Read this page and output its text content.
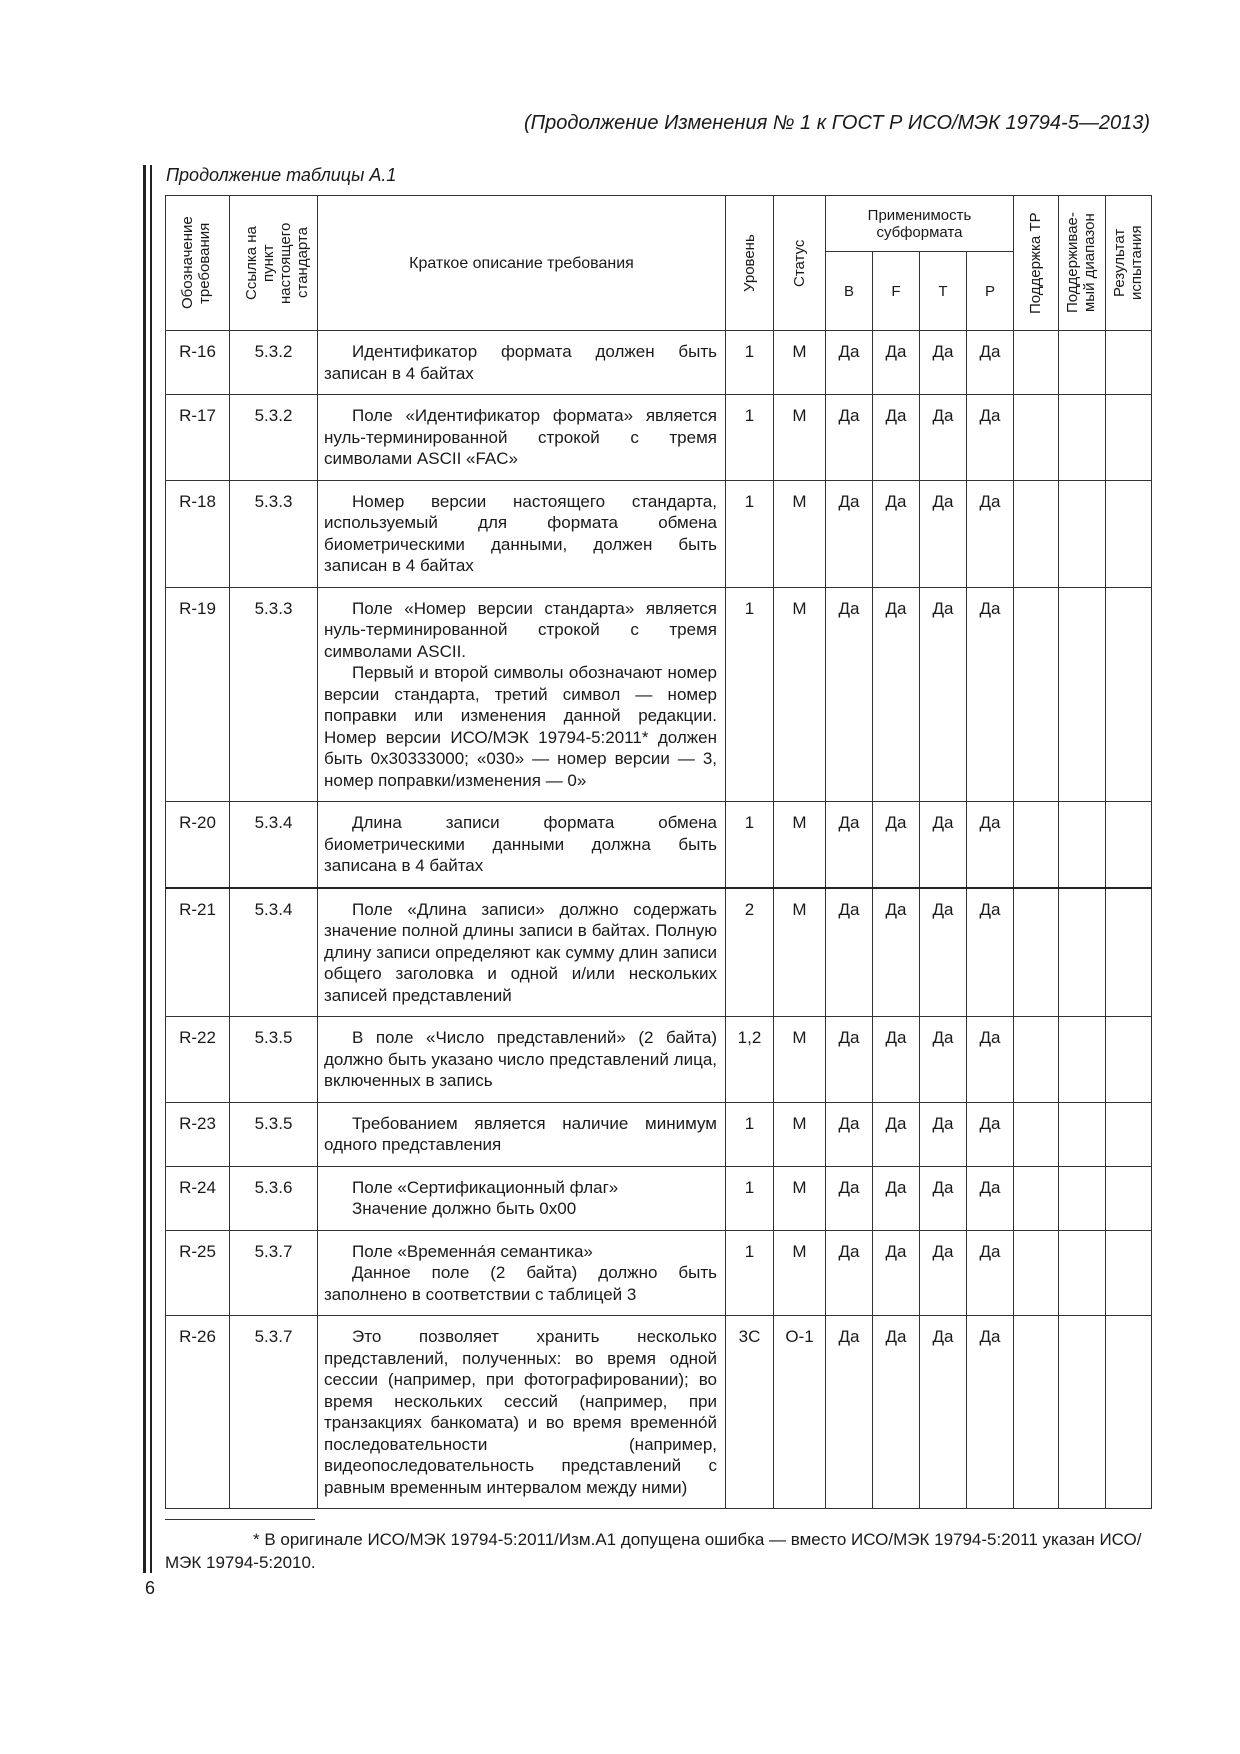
(Продолжение Изменения № 1 к ГОСТ Р ИСО/МЭК 19794-5—2013)
Продолжение таблицы А.1
Обозначение требования	Ссылка на пункт настоящего стандарта	Краткое описание требования	Уровень	Статус	Применимость субформата				Поддержка ТР	Поддерживае-мый диапазон	Результат испытания

					B	F	T	P			
R-16	5.3.2	Идентификатор формата должен быть записан в 4 байтах	1	М	Да	Да	Да	Да			
R-17	5.3.2	Поле «Идентификатор формата» является нуль-терминированной строкой с тремя символами ASCII «FAC»	1	М	Да	Да	Да	Да			
R-18	5.3.3	Номер версии настоящего стандарта, используемый для формата обмена биометрическими данными, должен быть записан в 4 байтах	1	М	Да	Да	Да	Да			
R-19	5.3.3	Поле «Номер версии стандарта» является нуль-терминированной строкой с тремя символами ASCII.

Первый и второй символы обозначают номер версии стандарта, третий символ — номер поправки или изменения данной редакции. Номер версии ИСО/МЭК 19794-5:2011* должен быть 0x30333000; «030» — номер версии — 3, номер поправки/изменения — 0»	1	М	Да	Да	Да	Да			
R-20	5.3.4	Длина записи формата обмена биометрическими данными должна быть записана в 4 байтах	1	М	Да	Да	Да	Да			
R-21	5.3.4	Поле «Длина записи» должно содержать значение полной длины записи в байтах. Полную длину записи определяют как сумму длин записи общего заголовка и одной и/или нескольких записей представлений	2	М	Да	Да	Да	Да			
R-22	5.3.5	В поле «Число представлений» (2 байта) должно быть указано число представлений лица, включенных в запись	1,2	М	Да	Да	Да	Да			
R-23	5.3.5	Требованием является наличие минимум одного представления	1	М	Да	Да	Да	Да			
R-24	5.3.6	Поле «Сертификационный флаг»

Значение должно быть 0x00	1	М	Да	Да	Да	Да			
R-25	5.3.7	Поле «Временна́я семантика»

Данное поле (2 байта) должно быть заполнено в соответствии с таблицей 3	1	М	Да	Да	Да	Да			
R-26	5.3.7	Это позволяет хранить несколько представлений, полученных: во время одной сессии (например, при фотографировании); во время нескольких сессий (например, при транзакциях банкомата) и во время временно́й последовательности (например, видеопоследовательность представлений с равным временным интервалом между ними)	3С	О-1	Да	Да	Да	Да			

* В оригинале ИСО/МЭК 19794-5:2011/Изм.А1 допущена ошибка — вместо ИСО/МЭК 19794-5:2011 указан ИСО/МЭК 19794-5:2010.

6
